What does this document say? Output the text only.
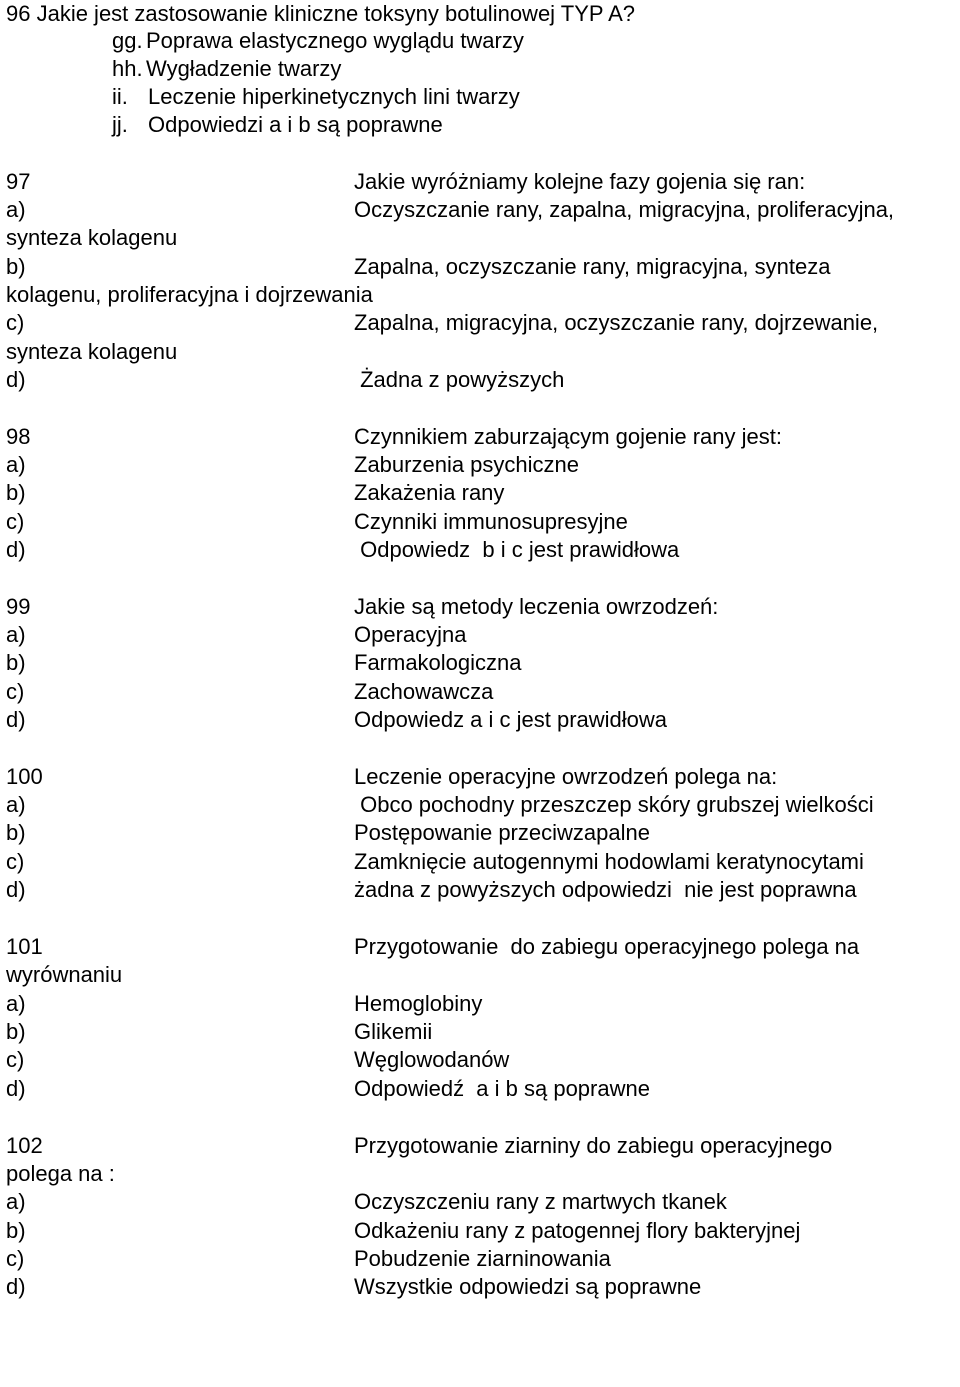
96 Jakie jest zastosowanie kliniczne toksyny botulinowej TYP A?

gg.

Poprawa elastycznego wyglądu twarzy

hh.

Wygładzenie twarzy

ii.

Leczenie hiperkinetycznych lini twarzy

jj.

Odpowiedzi a i b są poprawne

97

	Jakie wyróżniamy kolejne fazy gojenia się ran:

a)

	Oczyszczanie rany, zapalna, migracyjna, proliferacyjna,

synteza kolagenu

b)

	Zapalna, oczyszczanie rany, migracyjna, synteza

kolagenu, proliferacyjna i dojrzewania

c)

	Zapalna, migracyjna, oczyszczanie rany, dojrzewanie,

synteza kolagenu

d)

	Żadna z powyższych

98

	Czynnikiem zaburzającym gojenie rany jest:

a)

	Zaburzenia psychiczne

b)

	Zakażenia rany

c)

	Czynniki immunosupresyjne

d)

	Odpowiedz  b i c jest prawidłowa

99

	Jakie są metody leczenia owrzodzeń:

a)

	Operacyjna

b)

	Farmakologiczna

c)

	Zachowawcza

d)

	Odpowiedz a i c jest prawidłowa

100

	Leczenie operacyjne owrzodzeń polega na:

a)

	Obco pochodny przeszczep skóry grubszej wielkości

b)

	Postępowanie przeciwzapalne

c)

	Zamknięcie autogennymi hodowlami keratynocytami

d)

	żadna z powyższych odpowiedzi  nie jest poprawna

101

	Przygotowanie  do zabiegu operacyjnego polega na

wyrównaniu

a)

	Hemoglobiny

b)

	Glikemii

c)

	Węglowodanów

d)

	Odpowiedź  a i b są poprawne

102

	Przygotowanie ziarniny do zabiegu operacyjnego

polega na :

a)

	Oczyszczeniu rany z martwych tkanek

b)

	Odkażeniu rany z patogennej flory bakteryjnej

c)

	Pobudzenie ziarninowania

d)

	Wszystkie odpowiedzi są poprawne
